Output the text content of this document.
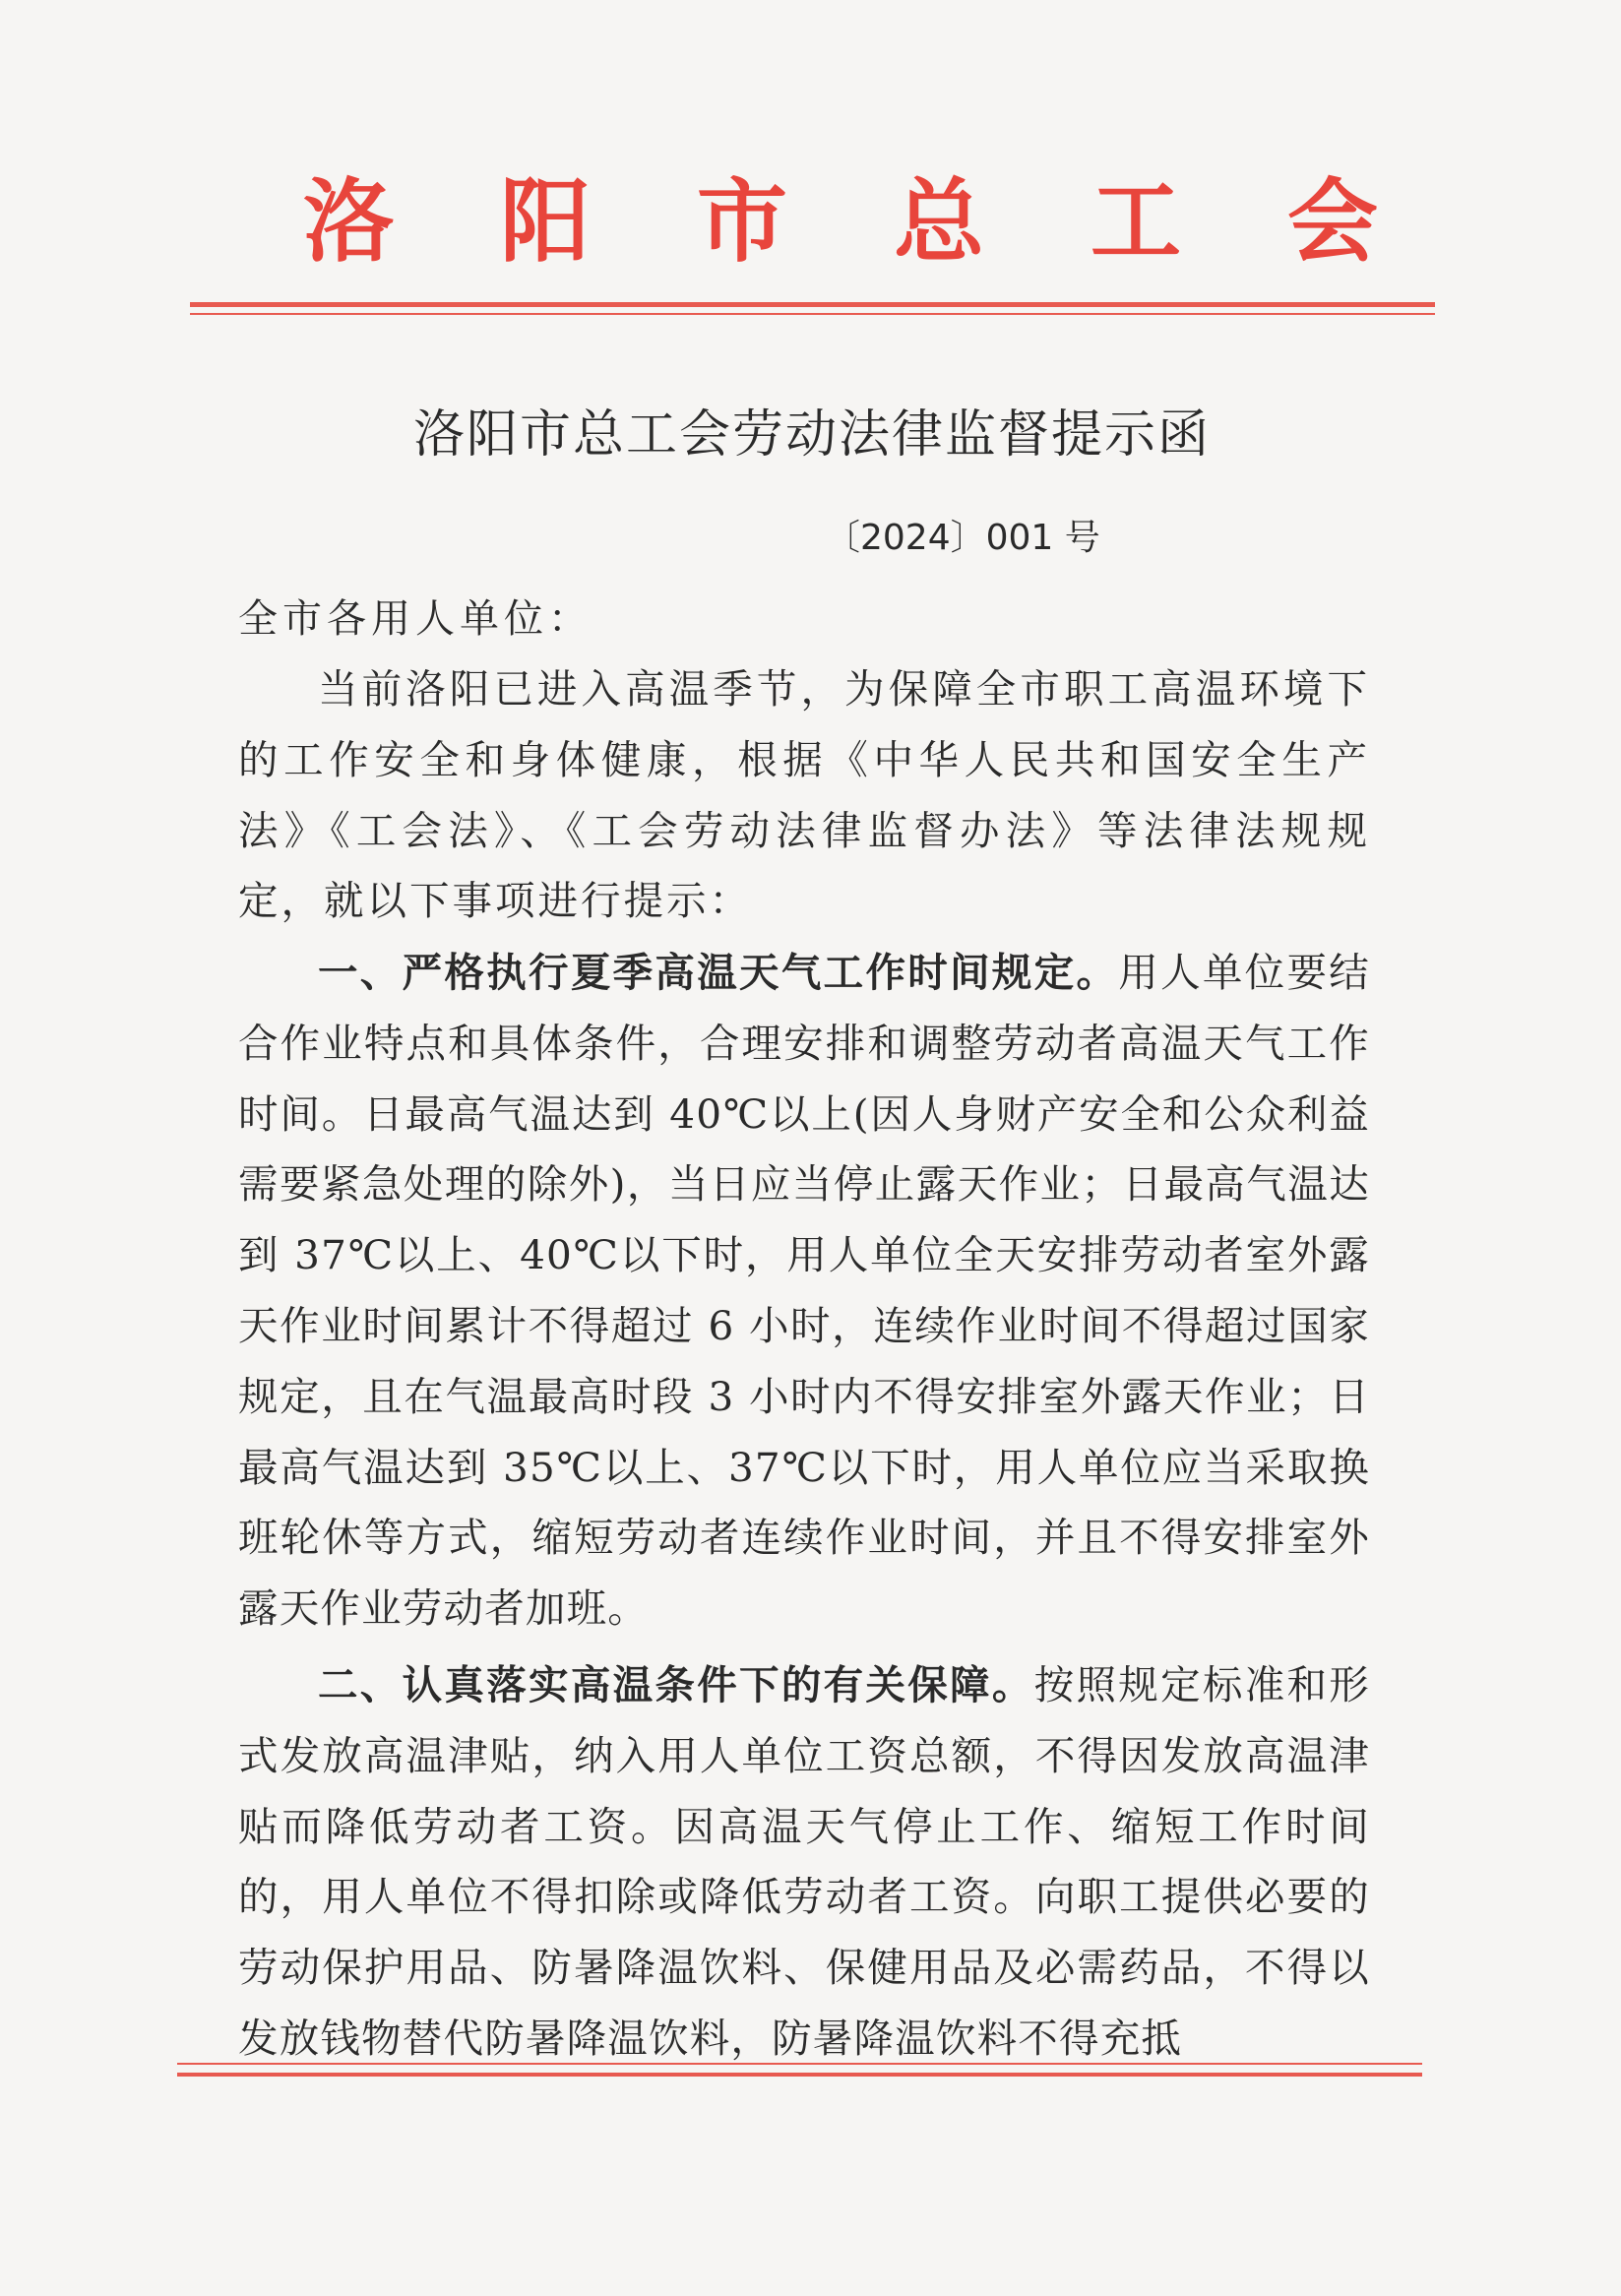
洛阳市总工会
洛阳市总工会劳动法律监督提示函
〔2024〕001 号
全市各用人单位：
当前洛阳已进入高温季节，为保障全市职工高温环境下的工作安全和身体健康，根据《中华人民共和国安全生产法》《工会法》、《工会劳动法律监督办法》等法律法规规定，就以下事项进行提示：
一、严格执行夏季高温天气工作时间规定。用人单位要结合作业特点和具体条件，合理安排和调整劳动者高温天气工作时间。日最高气温达到 40℃以上(因人身财产安全和公众利益需要紧急处理的除外)，当日应当停止露天作业；日最高气温达到 37℃以上、40℃以下时，用人单位全天安排劳动者室外露天作业时间累计不得超过 6 小时，连续作业时间不得超过国家规定，且在气温最高时段 3 小时内不得安排室外露天作业；日最高气温达到 35℃以上、37℃以下时，用人单位应当采取换班轮休等方式，缩短劳动者连续作业时间，并且不得安排室外露天作业劳动者加班。
二、认真落实高温条件下的有关保障。按照规定标准和形式发放高温津贴，纳入用人单位工资总额，不得因发放高温津贴而降低劳动者工资。因高温天气停止工作、缩短工作时间的，用人单位不得扣除或降低劳动者工资。向职工提供必要的劳动保护用品、防暑降温饮料、保健用品及必需药品，不得以发放钱物替代防暑降温饮料，防暑降温饮料不得充抵
